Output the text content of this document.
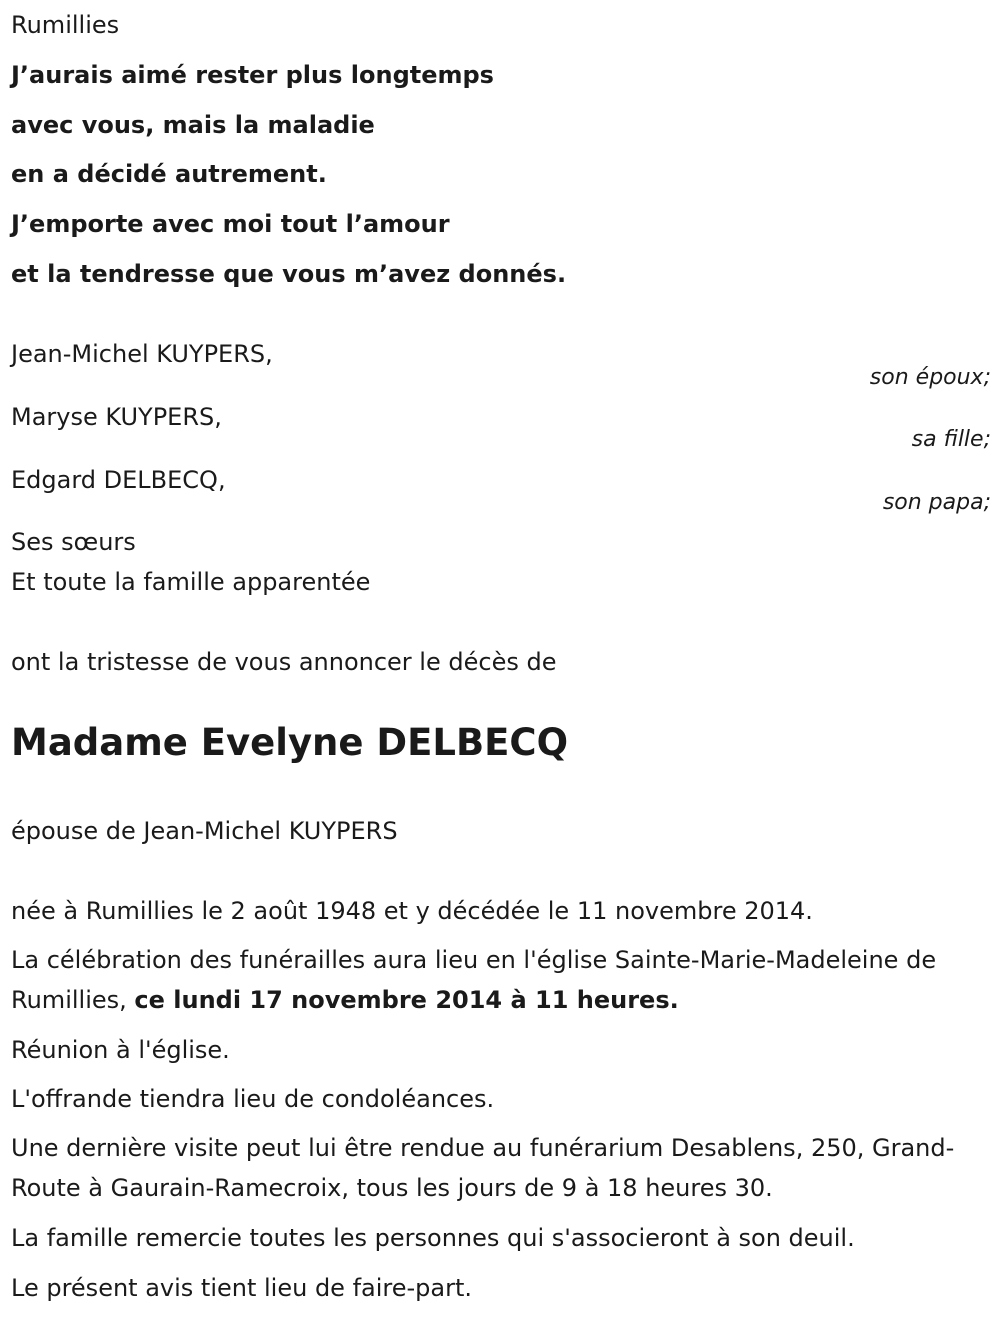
Rumillies
J’aurais aimé rester plus longtemps
avec vous, mais la maladie
en a décidé autrement.
J’emporte avec moi tout l’amour
et la tendresse que vous m’avez donnés.
Jean-Michel KUYPERS,
son époux;
Maryse KUYPERS,
sa fille;
Edgard DELBECQ,
son papa;
Ses sœurs
Et toute la famille apparentée
ont la tristesse de vous annoncer le décès de
Madame Evelyne DELBECQ
épouse de Jean-Michel KUYPERS
née à Rumillies le 2 août 1948 et y décédée le 11 novembre 2014.
La célébration des funérailles aura lieu en l'église Sainte-Marie-Madeleine de Rumillies, ce lundi 17 novembre 2014 à 11 heures.
Réunion à l'église.
L'offrande tiendra lieu de condoléances.
Une dernière visite peut lui être rendue au funérarium Desablens, 250, Grand-Route à Gaurain-Ramecroix, tous les jours de 9 à 18 heures 30.
La famille remercie toutes les personnes qui s'associeront à son deuil.
Le présent avis tient lieu de faire-part.
